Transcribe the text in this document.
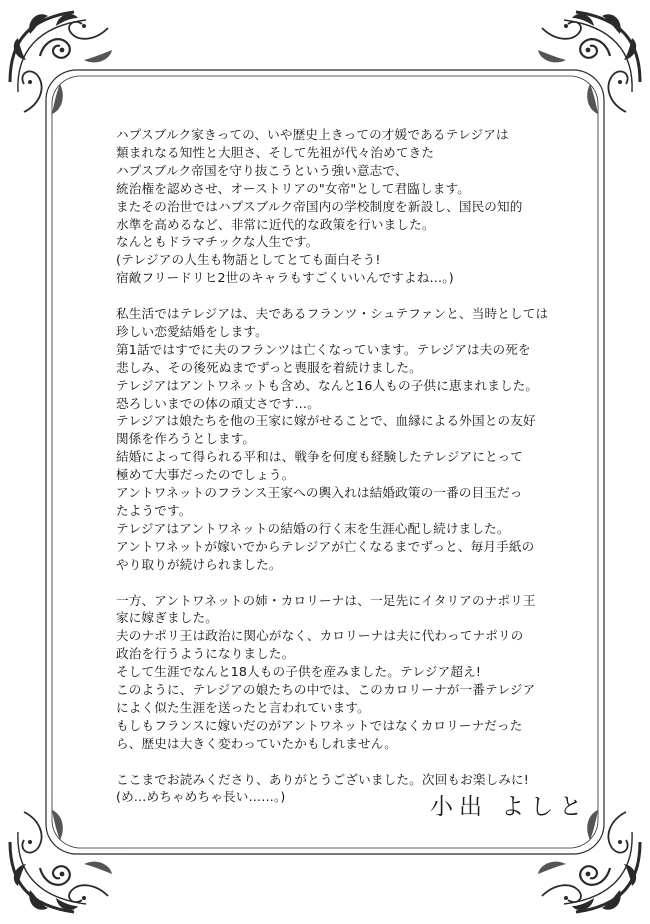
ハプスブルク家きっての、いや歴史上きっての才媛であるテレジアは
類まれなる知性と大胆さ、そして先祖が代々治めてきた
ハプスブルク帝国を守り抜こうという強い意志で、
統治権を認めさせ、オーストリアの"女帝"として君臨します。
またその治世ではハプスブルク帝国内の学校制度を新設し、国民の知的
水準を高めるなど、非常に近代的な政策を行いました。
なんともドラマチックな人生です。
(テレジアの人生も物語としてとても面白そう!
宿敵フリードリヒ2世のキャラもすごくいいんですよね…。)

私生活ではテレジアは、夫であるフランツ・シュテファンと、当時としては
珍しい恋愛結婚をします。
第1話ではすでに夫のフランツは亡くなっています。テレジアは夫の死を
悲しみ、その後死ぬまでずっと喪服を着続けました。
テレジアはアントワネットも含め、なんと16人もの子供に恵まれました。
恐ろしいまでの体の頑丈さです…。
テレジアは娘たちを他の王家に嫁がせることで、血縁による外国との友好
関係を作ろうとします。
結婚によって得られる平和は、戦争を何度も経験したテレジアにとって
極めて大事だったのでしょう。
アントワネットのフランス王家への輿入れは結婚政策の一番の目玉だっ
たようです。
テレジアはアントワネットの結婚の行く末を生涯心配し続けました。
アントワネットが嫁いでからテレジアが亡くなるまでずっと、毎月手紙の
やり取りが続けられました。

一方、アントワネットの姉・カロリーナは、一足先にイタリアのナポリ王
家に嫁ぎました。
夫のナポリ王は政治に関心がなく、カロリーナは夫に代わってナポリの
政治を行うようになりました。
そして生涯でなんと18人もの子供を産みました。テレジア超え!
このように、テレジアの娘たちの中では、このカロリーナが一番テレジア
によく似た生涯を送ったと言われています。
もしもフランスに嫁いだのがアントワネットではなくカロリーナだった
ら、歴史は大きく変わっていたかもしれません。

ここまでお読みくださり、ありがとうございました。次回もお楽しみに!
(め…めちゃめちゃ長い……。)	小出 よしと
